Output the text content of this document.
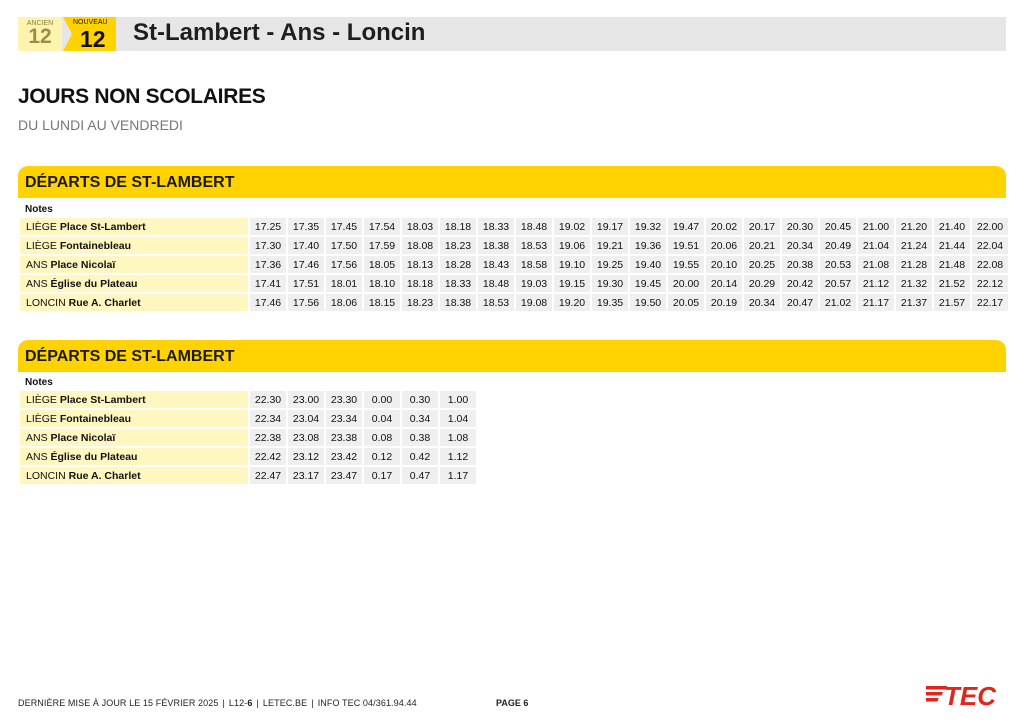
ANCIEN
12
NOUVEAU
12 St-Lambert - Ans - Loncin
JOURS NON SCOLAIRES
DU LUNDI AU VENDREDI
DÉPARTS DE ST-LAMBERT
Notes
LIÈGE Place St-Lambert	17.25	17.35	17.45	17.54	18.03	18.18	18.33	18.48	19.02	19.17	19.32	19.47	20.02	20.17	20.30	20.45	21.00	21.20	21.40	22.00
LIÈGE Fontainebleau	17.30	17.40	17.50	17.59	18.08	18.23	18.38	18.53	19.06	19.21	19.36	19.51	20.06	20.21	20.34	20.49	21.04	21.24	21.44	22.04
ANS Place Nicolaï	17.36	17.46	17.56	18.05	18.13	18.28	18.43	18.58	19.10	19.25	19.40	19.55	20.10	20.25	20.38	20.53	21.08	21.28	21.48	22.08
ANS Église du Plateau	17.41	17.51	18.01	18.10	18.18	18.33	18.48	19.03	19.15	19.30	19.45	20.00	20.14	20.29	20.42	20.57	21.12	21.32	21.52	22.12
LONCIN Rue A. Charlet	17.46	17.56	18.06	18.15	18.23	18.38	18.53	19.08	19.20	19.35	19.50	20.05	20.19	20.34	20.47	21.02	21.17	21.37	21.57	22.17
DÉPARTS DE ST-LAMBERT
Notes
LIÈGE Place St-Lambert	22.30	23.00	23.30	0.00	0.30	1.00
LIÈGE Fontainebleau	22.34	23.04	23.34	0.04	0.34	1.04
ANS Place Nicolaï	22.38	23.08	23.38	0.08	0.38	1.08
ANS Église du Plateau	22.42	23.12	23.42	0.12	0.42	1.12
LONCIN Rue A. Charlet	22.47	23.17	23.47	0.17	0.47	1.17
DERNIÈRE MISE À JOUR LE 15 FÉVRIER 2025 | L12-6 | LETEC.BE | INFO TEC 04/361.94.44	PAGE 6	TEC
